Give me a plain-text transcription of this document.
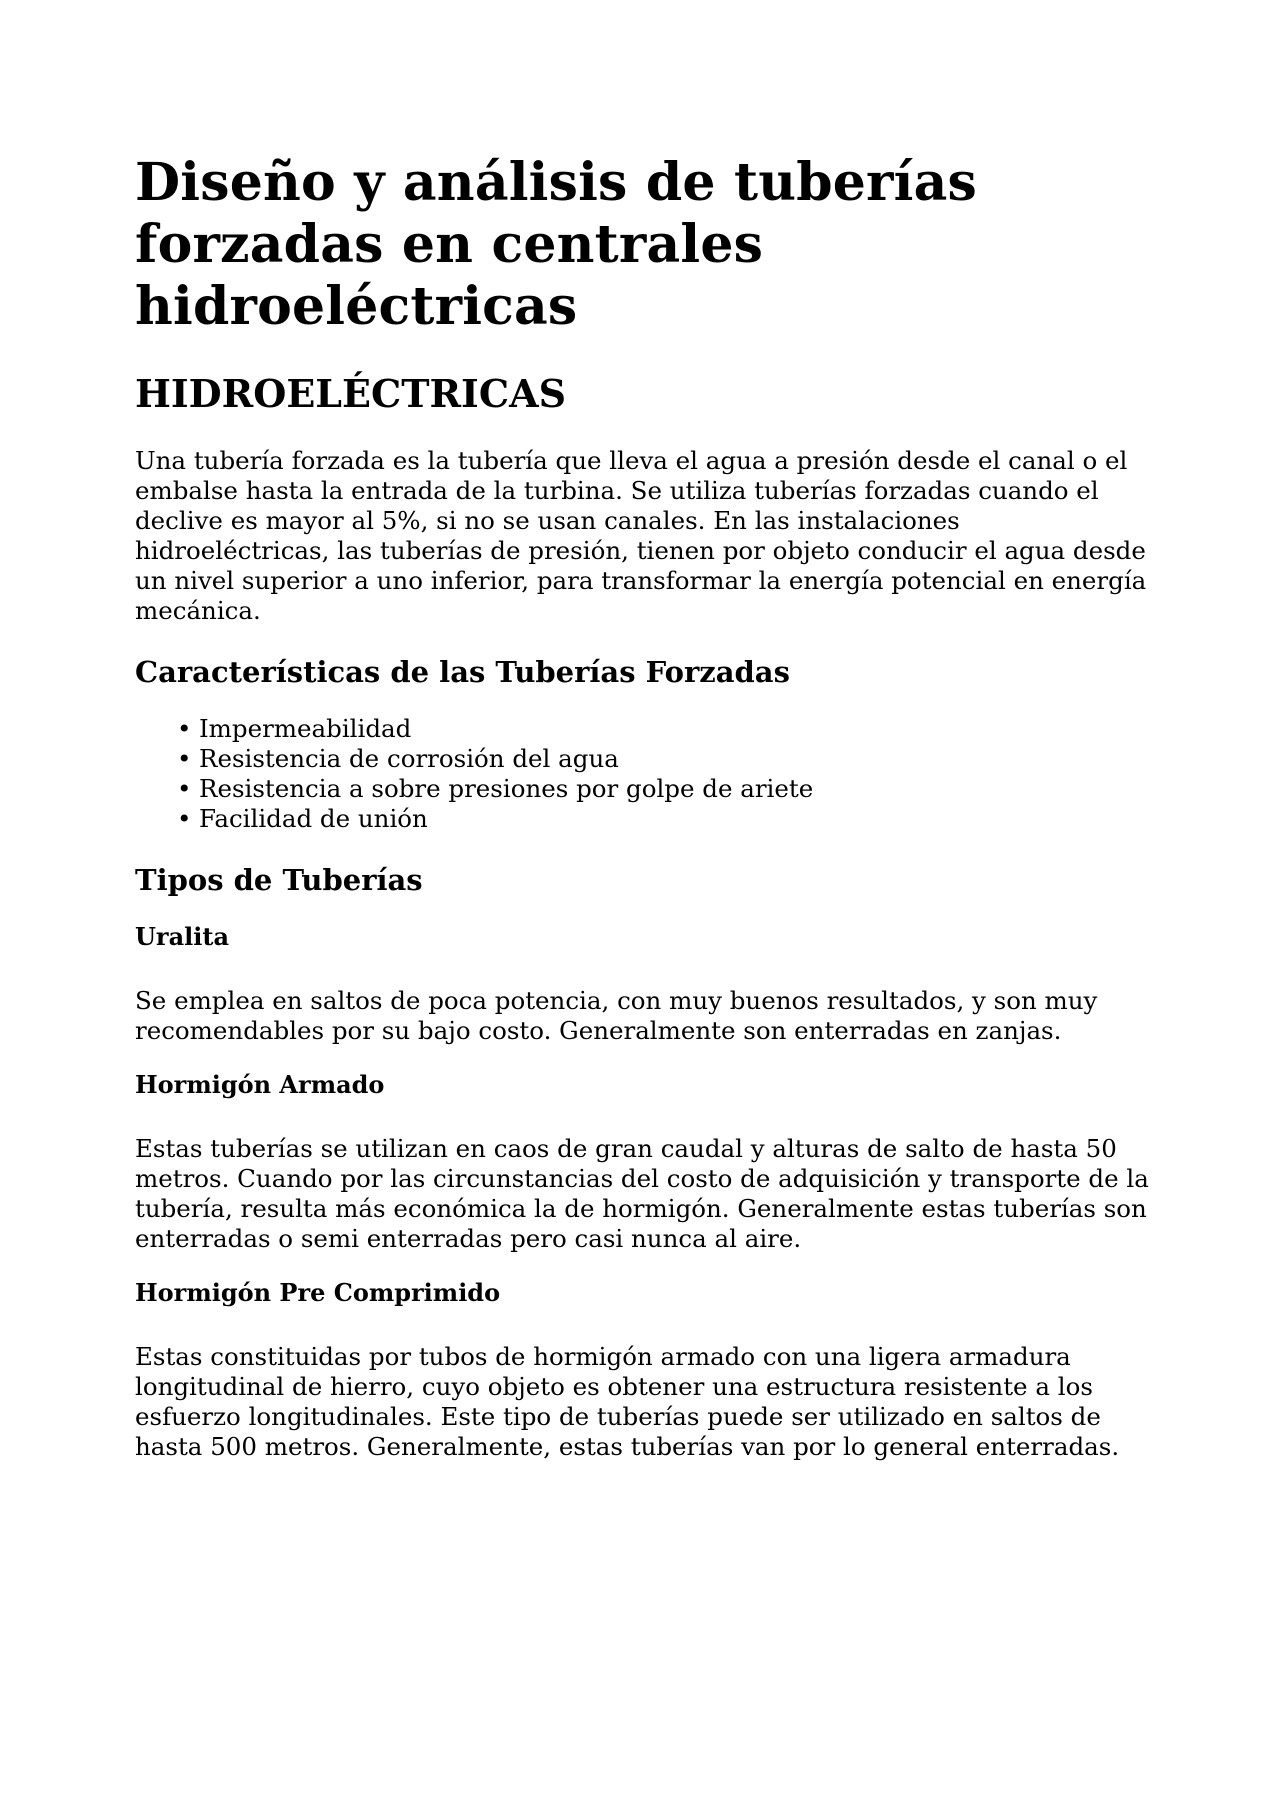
Diseño y análisis de tuberías forzadas en centrales hidroeléctricas
HIDROELÉCTRICAS

Una tubería forzada es la tubería que lleva el agua a presión desde el canal o el embalse hasta la entrada de la turbina. Se utiliza tuberías forzadas cuando el declive es mayor al 5%, si no se usan canales. En las instalaciones hidroeléctricas, las tuberías de presión, tienen por objeto conducir el agua desde un nivel superior a uno inferior, para transformar la energía potencial en energía mecánica.

Características de las Tuberías Forzadas
• Impermeabilidad
• Resistencia de corrosión del agua
• Resistencia a sobre presiones por golpe de ariete
• Facilidad de unión
Tipos de Tuberías
Uralita

Se emplea en saltos de poca potencia, con muy buenos resultados, y son muy recomendables por su bajo costo. Generalmente son enterradas en zanjas.

Hormigón Armado

Estas tuberías se utilizan en caos de gran caudal y alturas de salto de hasta 50 metros. Cuando por las circunstancias del costo de adquisición y transporte de la tubería, resulta más económica la de hormigón. Generalmente estas tuberías son enterradas o semi enterradas pero casi nunca al aire.

Hormigón Pre Comprimido

Estas constituidas por tubos de hormigón armado con una ligera armadura longitudinal de hierro, cuyo objeto es obtener una estructura resistente a los esfuerzo longitudinales. Este tipo de tuberías puede ser utilizado en saltos de hasta 500 metros. Generalmente, estas tuberías van por lo general enterradas.
